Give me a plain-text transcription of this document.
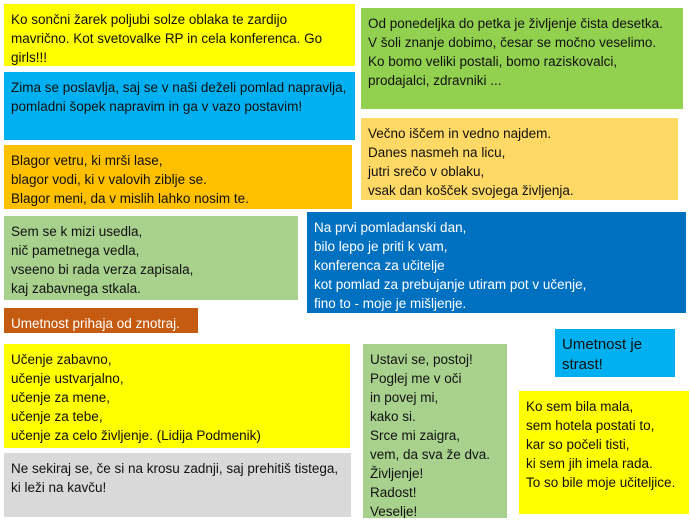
Ko sončni žarek poljubi solze oblaka te zardijo mavrično. Kot svetovalke RP in cela konferenca. Go girls!!!
Zima se poslavlja, saj se v naši deželi pomlad napravlja,
pomladni šopek napravim in ga v vazo postavim!
Blagor vetru, ki mrši lase,
blagor vodi, ki v valovih ziblje se.
Blagor meni, da v mislih lahko nosim te.
Sem se k mizi usedla,
nič pametnega vedla,
vseeno bi rada verza zapisala,
kaj zabavnega stkala.
Umetnost prihaja od znotraj.
Učenje zabavno,
učenje ustvarjalno,
učenje za mene,
učenje za tebe,
učenje za celo življenje. (Lidija Podmenik)
Ne sekiraj se, če si na krosu zadnji, saj prehitiš tistega, ki leži na kavču!
Od ponedeljka do petka je življenje čista desetka.
V šoli znanje dobimo, česar se močno veselimo.
Ko bomo veliki postali, bomo raziskovalci, prodajalci, zdravniki ...
Večno iščem in vedno najdem.
Danes nasmeh na licu,
jutri srečo v oblaku,
vsak dan košček svojega življenja.
Na prvi pomladanski dan,
bilo lepo je priti k vam,
konferenca za učitelje
kot pomlad za prebujanje utiram pot v učenje,
fino to - moje je mišljenje.
Ustavi se, postoj!
Poglej me v oči
in povej mi,
kako si.
Srce mi zaigra,
vem, da sva že dva.
Življenje!
Radost!
Veselje!
Umetnost je strast!
Ko sem bila mala,
sem hotela postati to,
kar so počeli tisti,
ki sem jih imela rada.
To so bile moje učiteljice.
